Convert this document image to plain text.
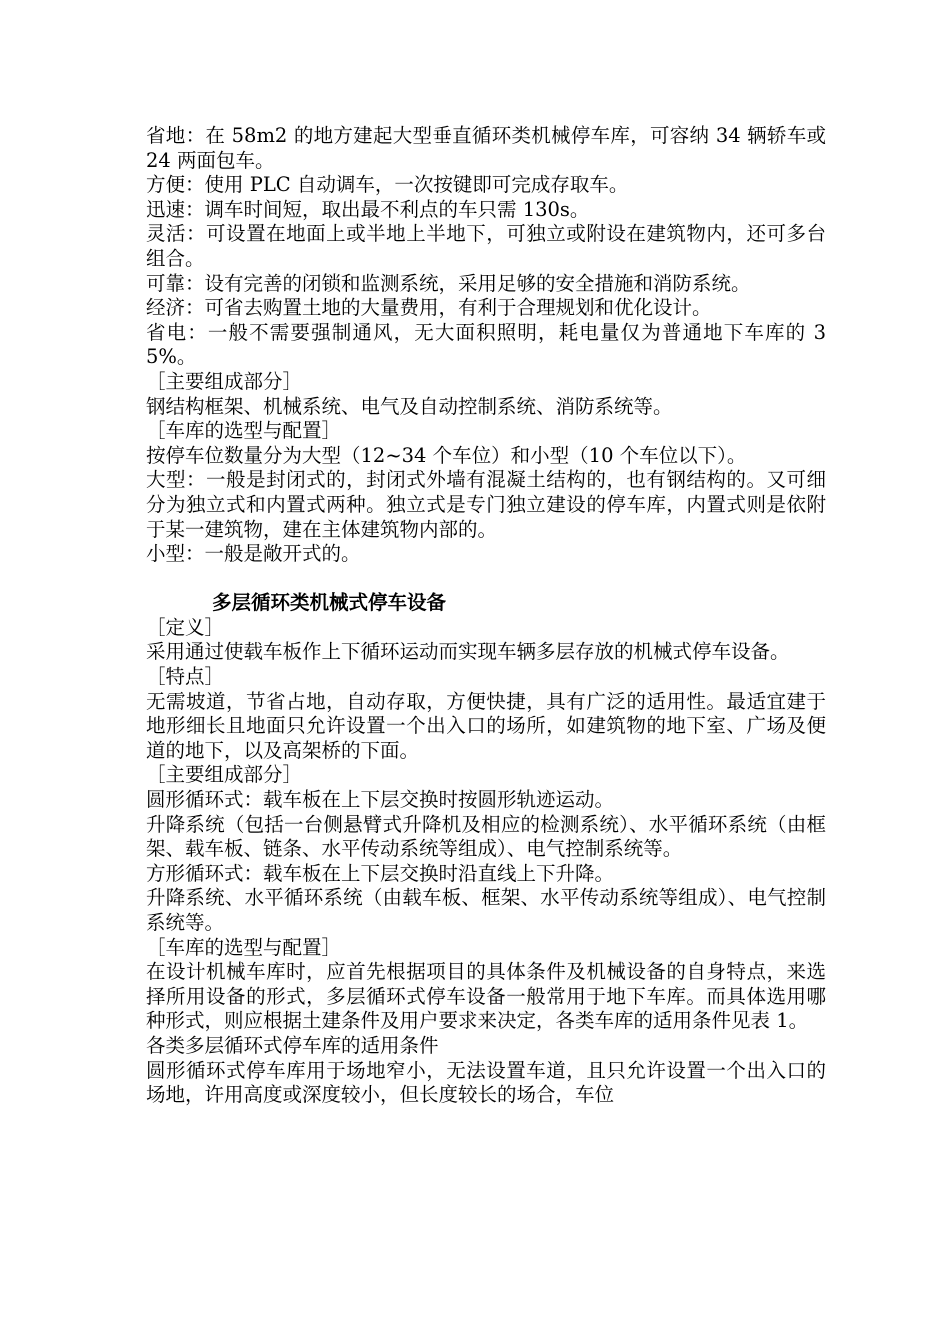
省地：在 58m2 的地方建起大型垂直循环类机械停车库，可容纳 34 辆轿车或 24 两面包车。

方便：使用 PLC 自动调车，一次按键即可完成存取车。

迅速：调车时间短，取出最不利点的车只需 130s。

灵活：可设置在地面上或半地上半地下，可独立或附设在建筑物内，还可多台组合。

可靠：设有完善的闭锁和监测系统，采用足够的安全措施和消防系统。

经济：可省去购置土地的大量费用，有利于合理规划和优化设计。

省电：一般不需要强制通风，无大面积照明，耗电量仅为普通地下车库的 35%。

［主要组成部分］

钢结构框架、机械系统、电气及自动控制系统、消防系统等。

［车库的选型与配置］

按停车位数量分为大型（12~34 个车位）和小型（10 个车位以下）。

大型：一般是封闭式的，封闭式外墙有混凝土结构的，也有钢结构的。又可细分为独立式和内置式两种。独立式是专门独立建设的停车库，内置式则是依附于某一建筑物，建在主体建筑物内部的。

小型：一般是敞开式的。

多层循环类机械式停车设备

［定义］

采用通过使载车板作上下循环运动而实现车辆多层存放的机械式停车设备。

［特点］

无需坡道，节省占地，自动存取，方便快捷，具有广泛的适用性。最适宜建于地形细长且地面只允许设置一个出入口的场所，如建筑物的地下室、广场及便道的地下，以及高架桥的下面。

［主要组成部分］

圆形循环式：载车板在上下层交换时按圆形轨迹运动。

升降系统（包括一台侧悬臂式升降机及相应的检测系统）、水平循环系统（由框架、载车板、链条、水平传动系统等组成）、电气控制系统等。

方形循环式：载车板在上下层交换时沿直线上下升降。

升降系统、水平循环系统（由载车板、框架、水平传动系统等组成）、电气控制系统等。

［车库的选型与配置］

在设计机械车库时，应首先根据项目的具体条件及机械设备的自身特点，来选择所用设备的形式，多层循环式停车设备一般常用于地下车库。而具体选用哪种形式，则应根据土建条件及用户要求来决定，各类车库的适用条件见表 1。

各类多层循环式停车库的适用条件

圆形循环式停车库用于场地窄小，无法设置车道，且只允许设置一个出入口的场地，许用高度或深度较小，但长度较长的场合，车位
